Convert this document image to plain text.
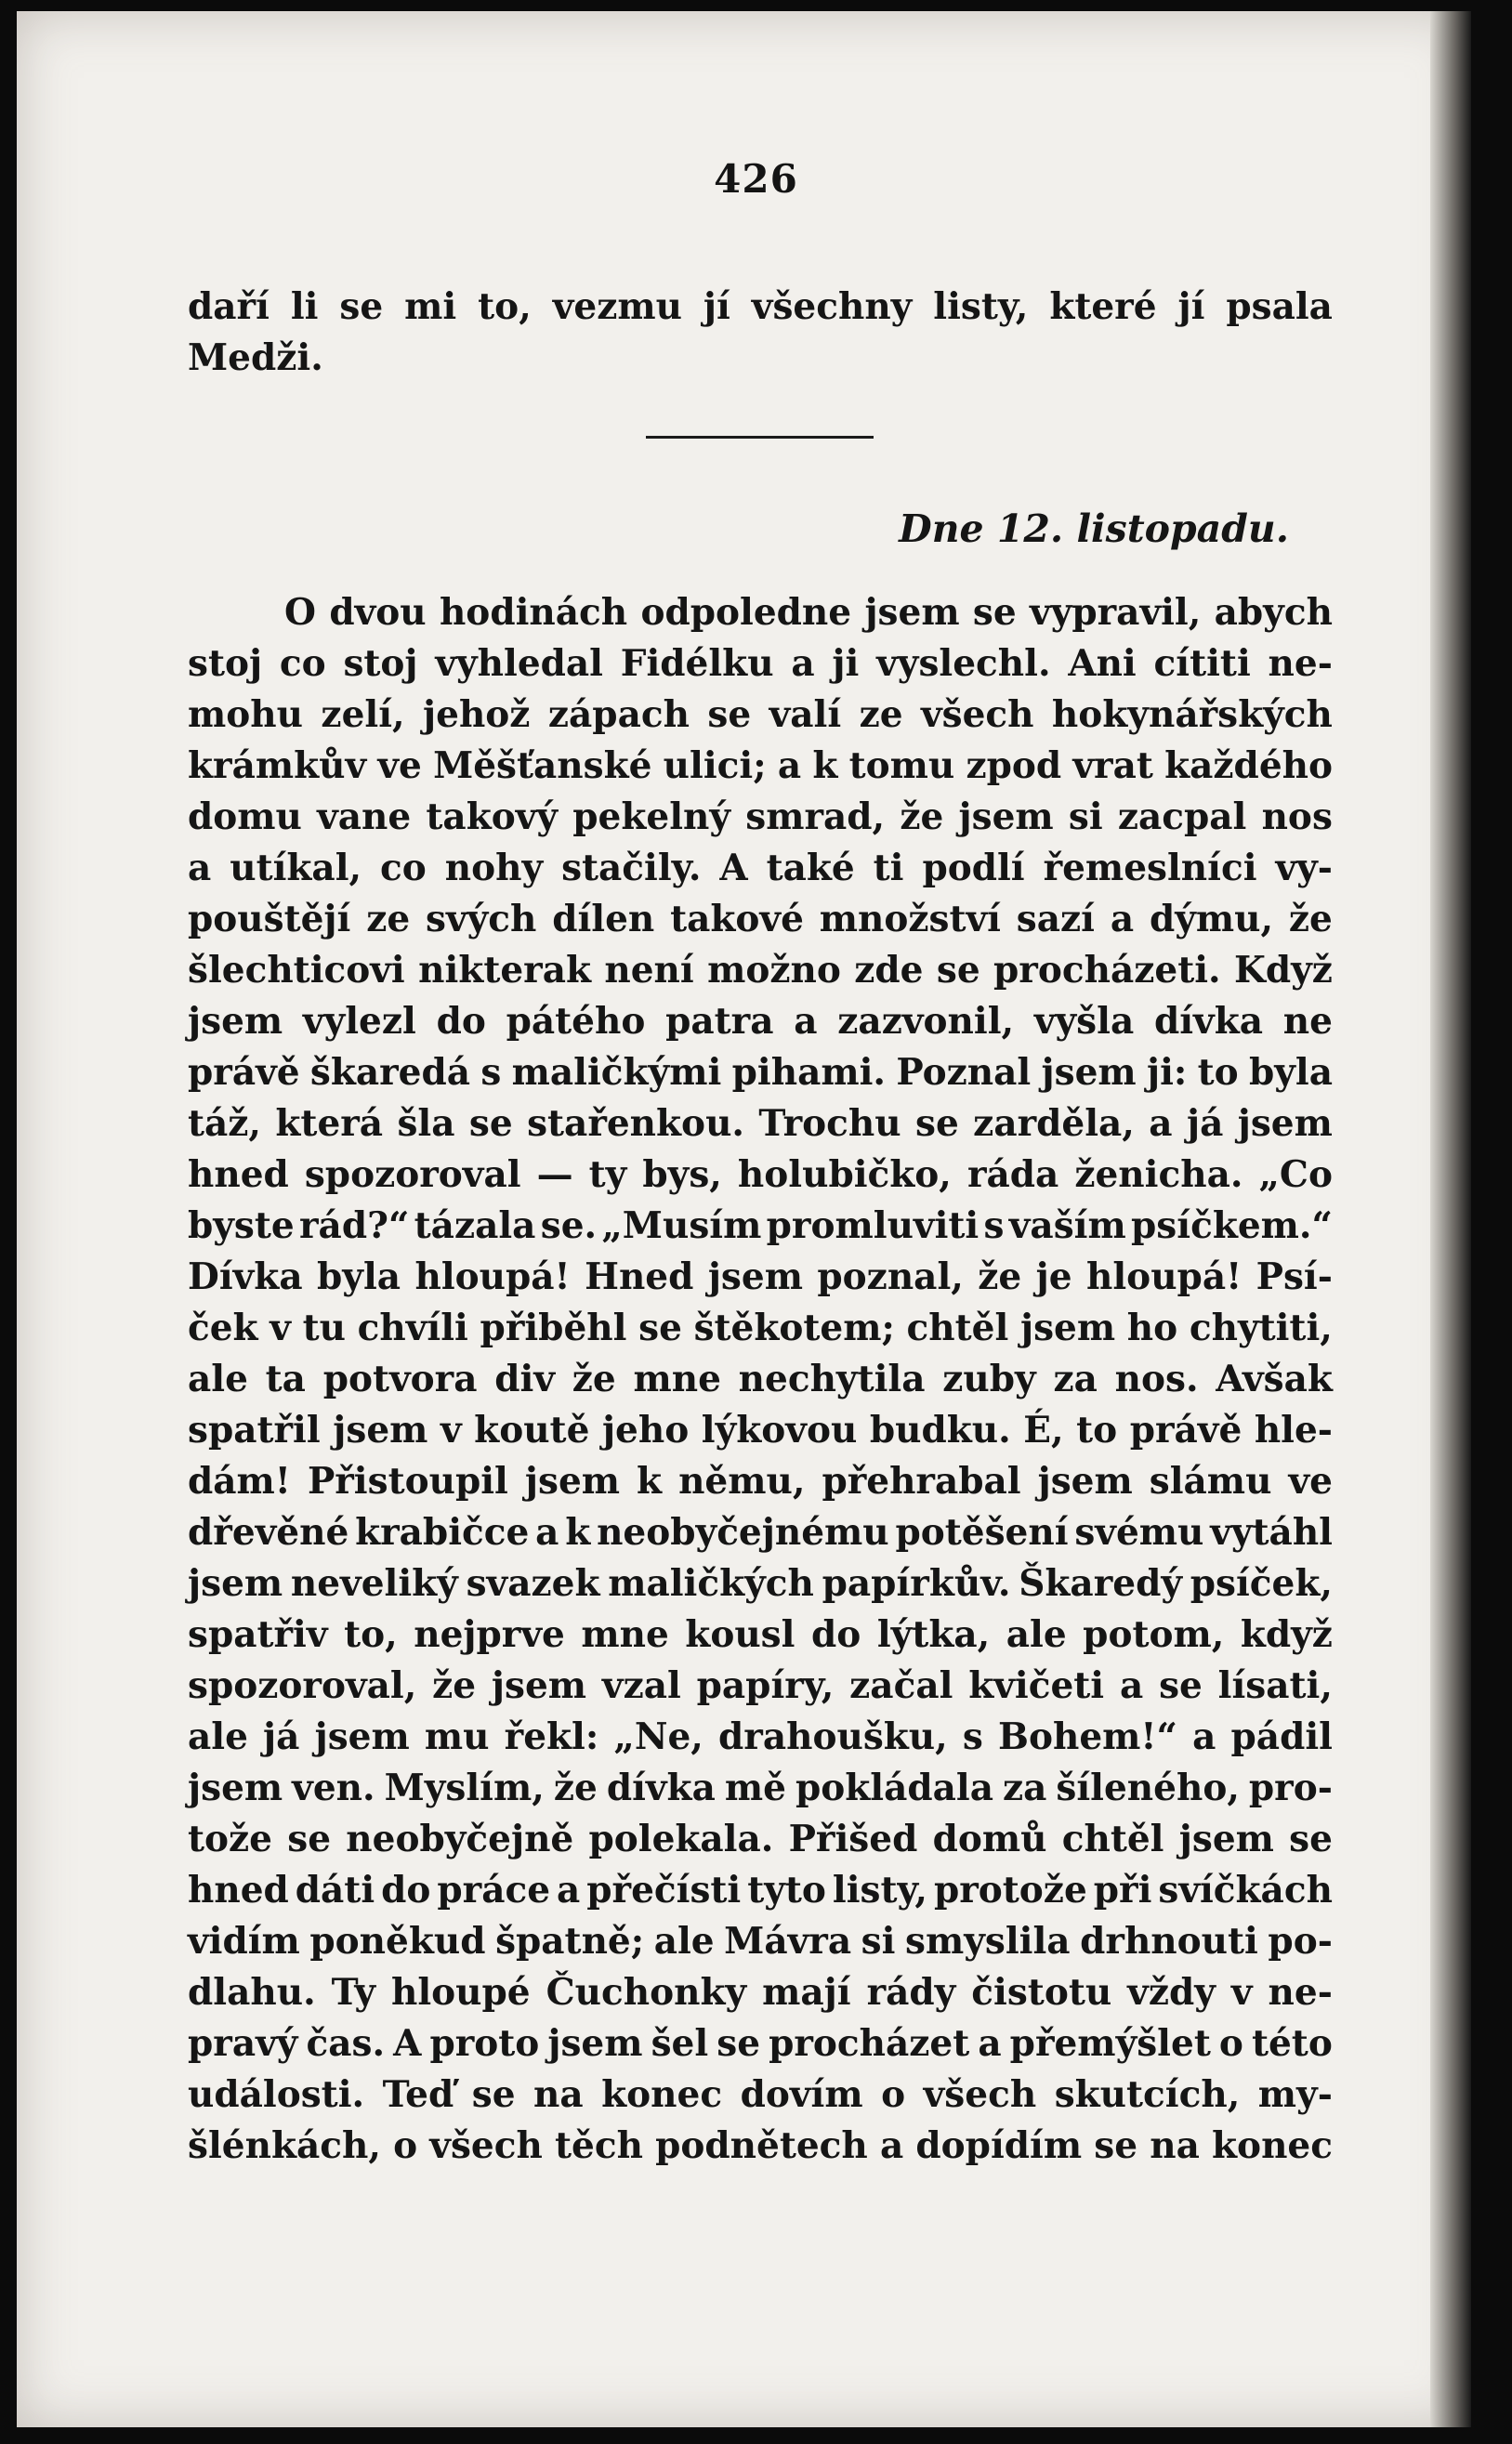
426
daří li se mi to, vezmu jí všechny listy, které jí psala
Medži.
Dne 12. listopadu.
O dvou hodinách odpoledne jsem se vypravil, abych
stoj co stoj vyhledal Fidélku a ji vyslechl. Ani cítiti ne-
mohu zelí, jehož zápach se valí ze všech hokynářských
krámkův ve Měšťanské ulici; a k tomu zpod vrat každého
domu vane takový pekelný smrad, že jsem si zacpal nos
a utíkal, co nohy stačily. A také ti podlí řemeslníci vy-
pouštějí ze svých dílen takové množství sazí a dýmu, že
šlechticovi nikterak není možno zde se procházeti. Když
jsem vylezl do pátého patra a zazvonil, vyšla dívka ne
právě škaredá s maličkými pihami. Poznal jsem ji: to byla
táž, která šla se stařenkou. Trochu se zarděla, a já jsem
hned spozoroval — ty bys, holubičko, ráda ženicha. „Co
byste rád?“ tázala se. „Musím promluviti s vaším psíčkem.“
Dívka byla hloupá! Hned jsem poznal, že je hloupá! Psí-
ček v tu chvíli přiběhl se štěkotem; chtěl jsem ho chytiti,
ale ta potvora div že mne nechytila zuby za nos. Avšak
spatřil jsem v koutě jeho lýkovou budku. É, to právě hle-
dám! Přistoupil jsem k němu, přehrabal jsem slámu ve
dřevěné krabičce a k neobyčejnému potěšení svému vytáhl
jsem neveliký svazek maličkých papírkův. Škaredý psíček,
spatřiv to, nejprve mne kousl do lýtka, ale potom, když
spozoroval, že jsem vzal papíry, začal kvičeti a se lísati,
ale já jsem mu řekl: „Ne, drahoušku, s Bohem!“ a pádil
jsem ven. Myslím, že dívka mě pokládala za šíleného, pro-
tože se neobyčejně polekala. Přišed domů chtěl jsem se
hned dáti do práce a přečísti tyto listy, protože při svíčkách
vidím poněkud špatně; ale Mávra si smyslila drhnouti po-
dlahu. Ty hloupé Čuchonky mají rády čistotu vždy v ne-
pravý čas. A proto jsem šel se procházet a přemýšlet o této
události. Teď se na konec dovím o všech skutcích, my-
šlénkách, o všech těch podnětech a dopídím se na konec
